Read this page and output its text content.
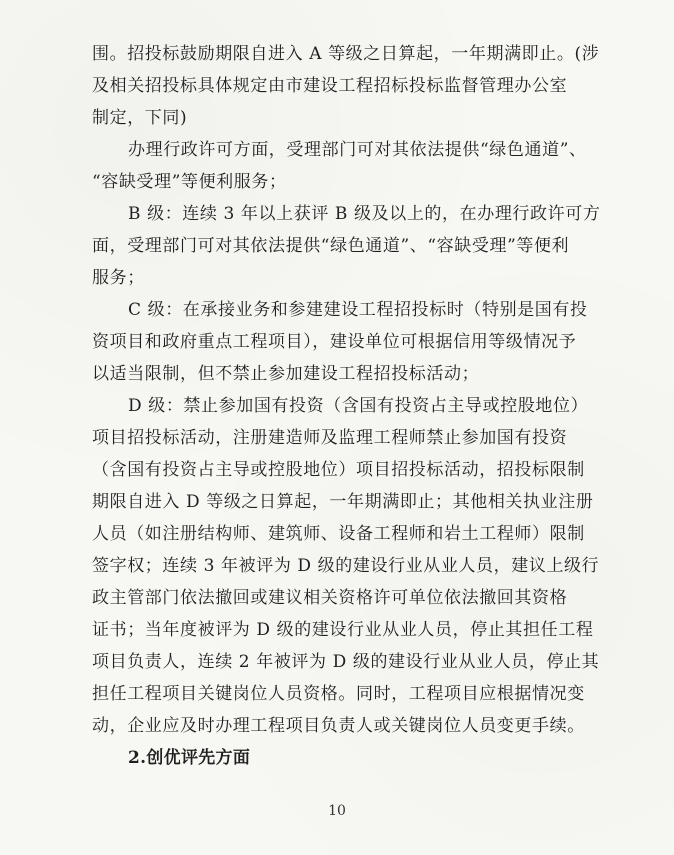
围。招投标鼓励期限自进入 A 等级之日算起，一年期满即止。(涉
及相关招投标具体规定由市建设工程招标投标监督管理办公室
制定，下同)
办理行政许可方面，受理部门可对其依法提供“绿色通道”、
“容缺受理”等便利服务；
B 级：连续 3 年以上获评 B 级及以上的，在办理行政许可方
面，受理部门可对其依法提供“绿色通道”、“容缺受理”等便利
服务；
C 级：在承接业务和参建建设工程招投标时（特别是国有投
资项目和政府重点工程项目），建设单位可根据信用等级情况予
以适当限制，但不禁止参加建设工程招投标活动；
D 级：禁止参加国有投资（含国有投资占主导或控股地位）
项目招投标活动，注册建造师及监理工程师禁止参加国有投资
（含国有投资占主导或控股地位）项目招投标活动，招投标限制
期限自进入 D 等级之日算起，一年期满即止；其他相关执业注册
人员（如注册结构师、建筑师、设备工程师和岩土工程师）限制
签字权；连续 3 年被评为 D 级的建设行业从业人员，建议上级行
政主管部门依法撤回或建议相关资格许可单位依法撤回其资格
证书；当年度被评为 D 级的建设行业从业人员，停止其担任工程
项目负责人，连续 2 年被评为 D 级的建设行业从业人员，停止其
担任工程项目关键岗位人员资格。同时，工程项目应根据情况变
动，企业应及时办理工程项目负责人或关键岗位人员变更手续。
2.创优评先方面
10
